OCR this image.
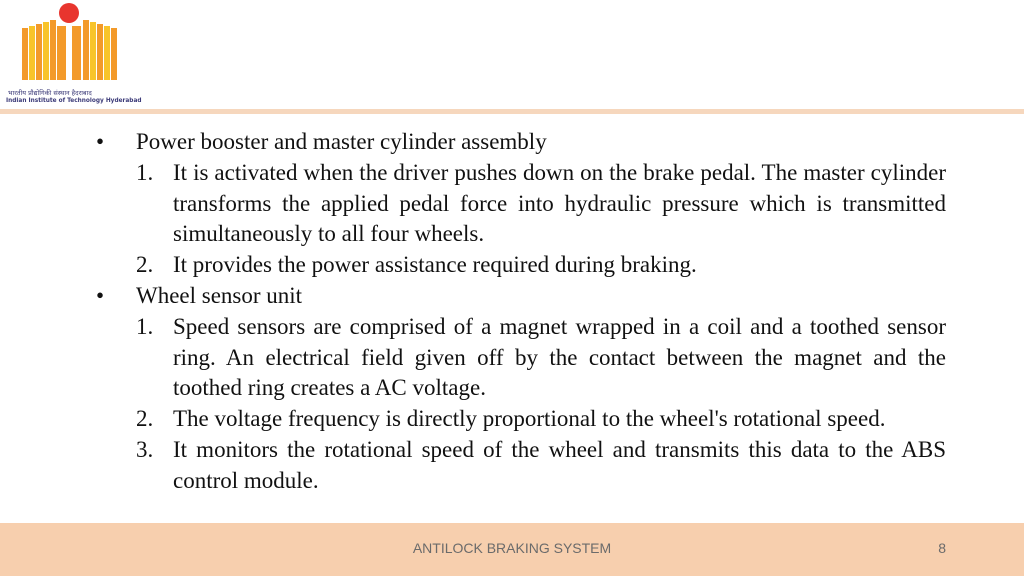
भारतीय प्रौद्योगिकी संस्थान हैदराबाद
Indian Institute of Technology Hyderabad
• Power booster and master cylinder assembly
1. It is activated when the driver pushes down on the brake pedal. The master cylinder transforms the applied pedal force into hydraulic pressure which is transmitted simultaneously to all four wheels.
2. It provides the power assistance required during braking.
• Wheel sensor unit
1. Speed sensors are comprised of a magnet wrapped in a coil and a toothed sensor ring. An electrical field given off by the contact between the magnet and the toothed ring creates a AC voltage.
2. The voltage frequency is directly proportional to the wheel's rotational speed.
3. It monitors the rotational speed of the wheel and transmits this data to the ABS control module.
ANTILOCK BRAKING SYSTEM	8
